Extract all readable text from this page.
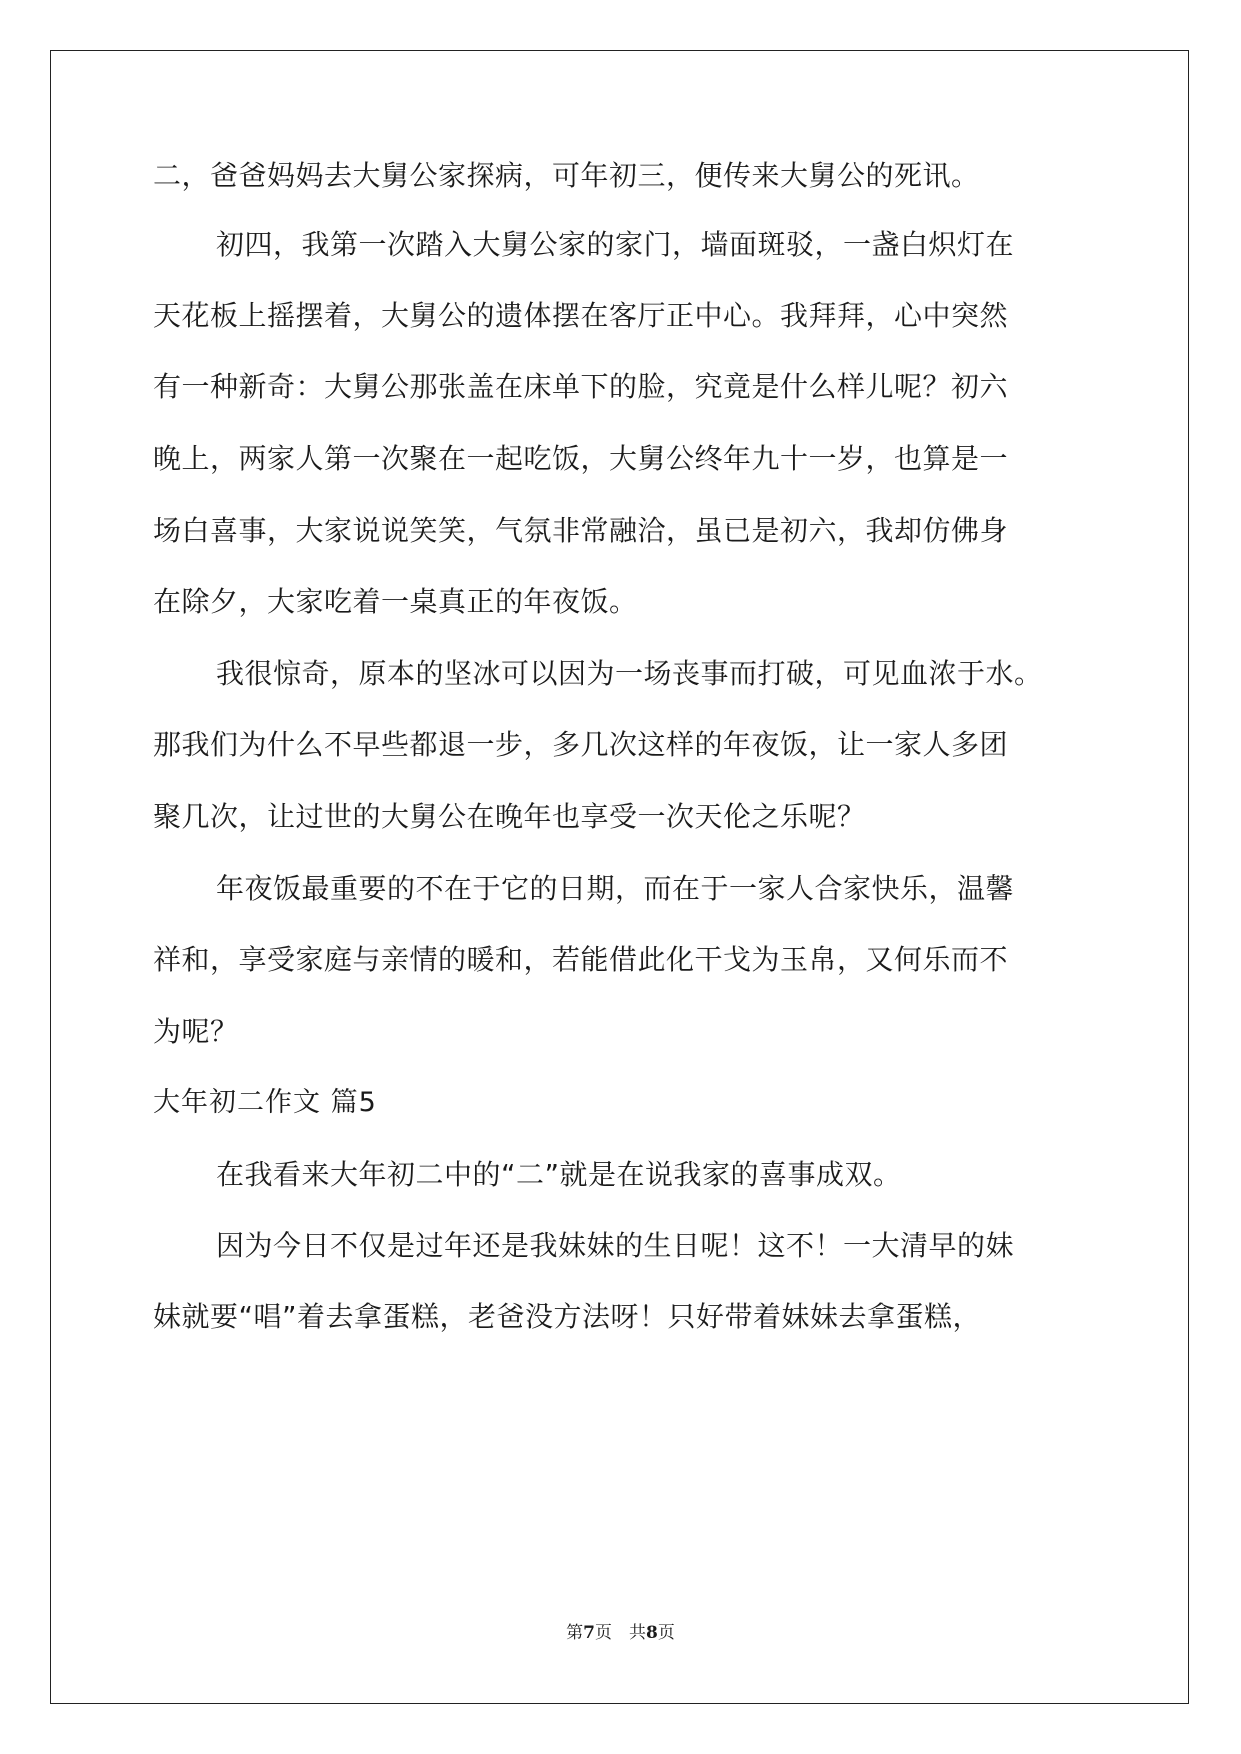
二，爸爸妈妈去大舅公家探病，可年初三，便传来大舅公的死讯。
初四，我第一次踏入大舅公家的家门，墙面斑驳，一盏白炽灯在
天花板上摇摆着，大舅公的遗体摆在客厅正中心。我拜拜，心中突然
有一种新奇：大舅公那张盖在床单下的脸，究竟是什么样儿呢？初六
晚上，两家人第一次聚在一起吃饭，大舅公终年九十一岁，也算是一
场白喜事，大家说说笑笑，气氛非常融洽，虽已是初六，我却仿佛身
在除夕，大家吃着一桌真正的年夜饭。
我很惊奇，原本的坚冰可以因为一场丧事而打破，可见血浓于水。
那我们为什么不早些都退一步，多几次这样的年夜饭，让一家人多团
聚几次，让过世的大舅公在晚年也享受一次天伦之乐呢？
年夜饭最重要的不在于它的日期，而在于一家人合家快乐，温馨
祥和，享受家庭与亲情的暖和，若能借此化干戈为玉帛，又何乐而不
为呢？
大年初二作文 篇5
在我看来大年初二中的“二”就是在说我家的喜事成双。
因为今日不仅是过年还是我妹妹的生日呢！这不！一大清早的妹
妹就要“唱”着去拿蛋糕，老爸没方法呀！只好带着妹妹去拿蛋糕，
第7页　共8页
